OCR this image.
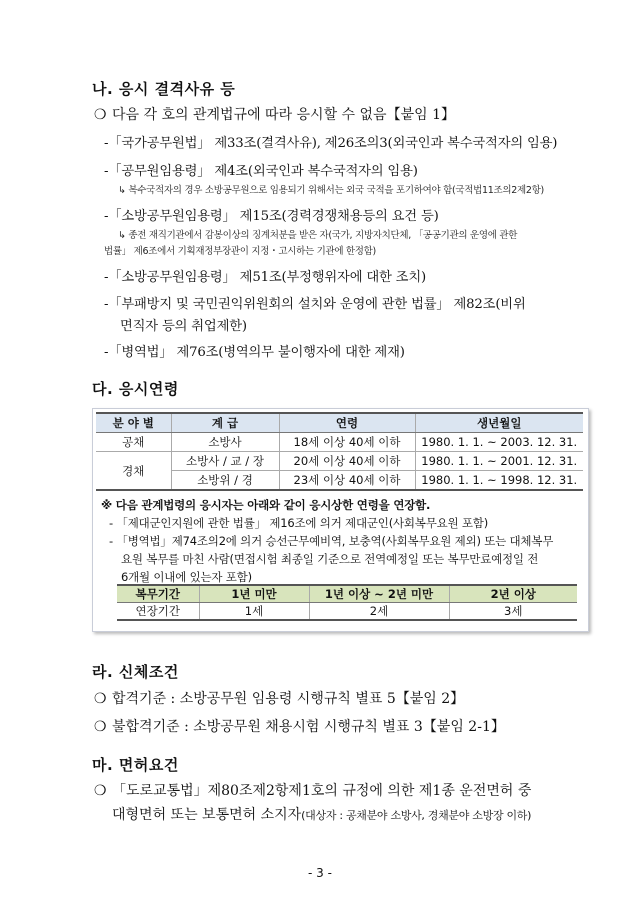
나. 응시 결격사유 등
❍ 다음 각 호의 관계법규에 따라 응시할 수 없음【붙임 1】
-「국가공무원법」 제33조(결격사유), 제26조의3(외국인과 복수국적자의 임용)
-「공무원임용령」 제4조(외국인과 복수국적자의 임용)
↳ 복수국적자의 경우 소방공무원으로 임용되기 위해서는 외국 국적을 포기하여야 함(국적법11조의2제2항)
-「소방공무원임용령」 제15조(경력경쟁채용등의 요건 등)
↳ 종전 재직기관에서 감봉이상의 징계처분을 받은 자(국가, 지방자치단체, 「공공기관의 운영에 관한
법률」 제6조에서 기획재정부장관이 지정・고시하는 기관에 한정함)
-「소방공무원임용령」 제51조(부정행위자에 대한 조치)
-「부패방지 및 국민권익위원회의 설치와 운영에 관한 법률」 제82조(비위
면직자 등의 취업제한)
-「병역법」 제76조(병역의무 불이행자에 대한 제재)
다. 응시연령
분 야 별	계 급	연령	생년월일
공채	소방사	18세 이상 40세 이하	1980. 1. 1. ~ 2003. 12. 31.
경채	소방사 / 교 / 장	20세 이상 40세 이하	1980. 1. 1. ~ 2001. 12. 31.
	소방위 / 경	23세 이상 40세 이하	1980. 1. 1. ~ 1998. 12. 31.
※ 다음 관계법령의 응시자는 아래와 같이 응시상한 연령을 연장함.
- 「제대군인지원에 관한 법률」 제16조에 의거 제대군인(사회복무요원 포함)
- 「병역법」제74조의2에 의거 승선근무예비역, 보충역(사회복무요원 제외) 또는 대체복무
요원 복무를 마친 사람(면접시험 최종일 기준으로 전역예정일 또는 복무만료예정일 전
6개월 이내에 있는자 포함)
복무기간	1년 미만	1년 이상 ~ 2년 미만	2년 이상
연장기간	1세	2세	3세
라. 신체조건
❍ 합격기준 : 소방공무원 임용령 시행규칙 별표 5【붙임 2】
❍ 불합격기준 : 소방공무원 채용시험 시행규칙 별표 3【붙임 2-1】
마. 면허요건
❍ 「도로교통법」제80조제2항제1호의 규정에 의한 제1종 운전면허 중
대형면허 또는 보통면허 소지자(대상자 : 공채분야 소방사, 경채분야 소방장 이하)
- 3 -
